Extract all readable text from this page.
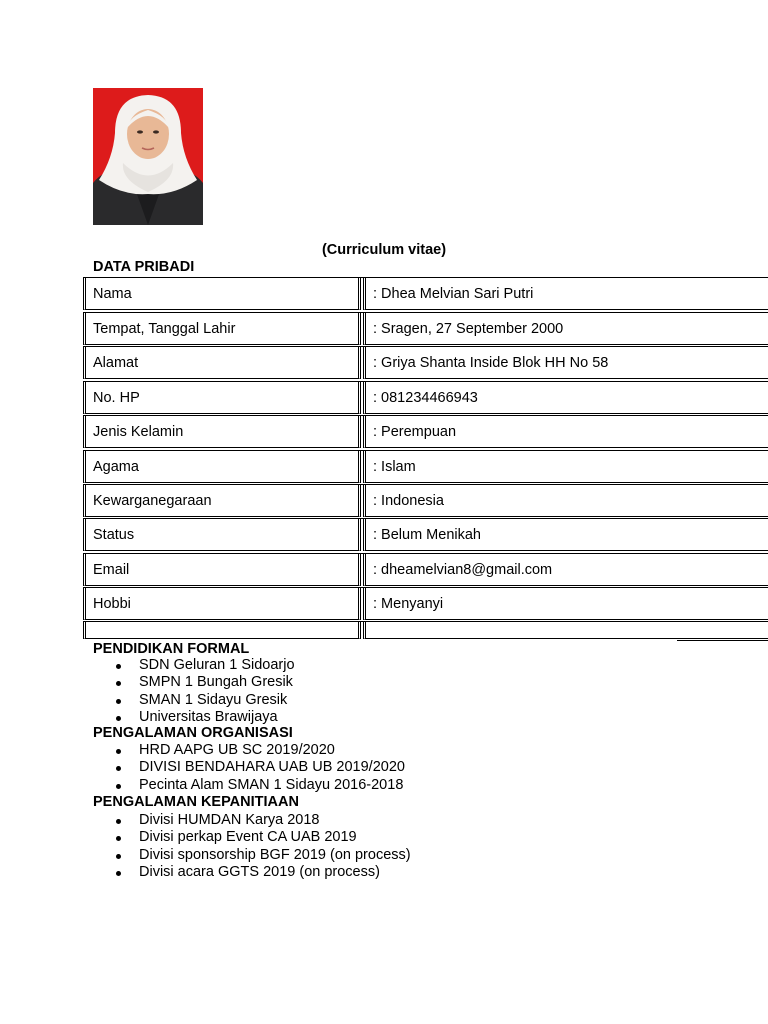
(Curriculum vitae)
DATA PRIBADI
Nama	: Dhea Melvian Sari Putri
Tempat, Tanggal Lahir	: Sragen, 27 September 2000
Alamat	: Griya Shanta Inside Blok HH No 58
No. HP	: 081234466943
Jenis Kelamin	: Perempuan
Agama	: Islam
Kewarganegaraan	: Indonesia
Status	: Belum Menikah
Email	: dheamelvian8@gmail.com
Hobbi	: Menyanyi
PENDIDIKAN FORMAL
SDN Geluran 1 Sidoarjo
SMPN 1 Bungah Gresik
SMAN 1 Sidayu Gresik
Universitas Brawijaya
PENGALAMAN ORGANISASI
HRD AAPG UB SC 2019/2020
DIVISI BENDAHARA UAB UB 2019/2020
Pecinta Alam SMAN 1 Sidayu 2016-2018
PENGALAMAN KEPANITIAAN
Divisi HUMDAN Karya 2018
Divisi perkap Event CA UAB 2019
Divisi sponsorship BGF 2019 (on process)
Divisi acara GGTS 2019 (on process)
